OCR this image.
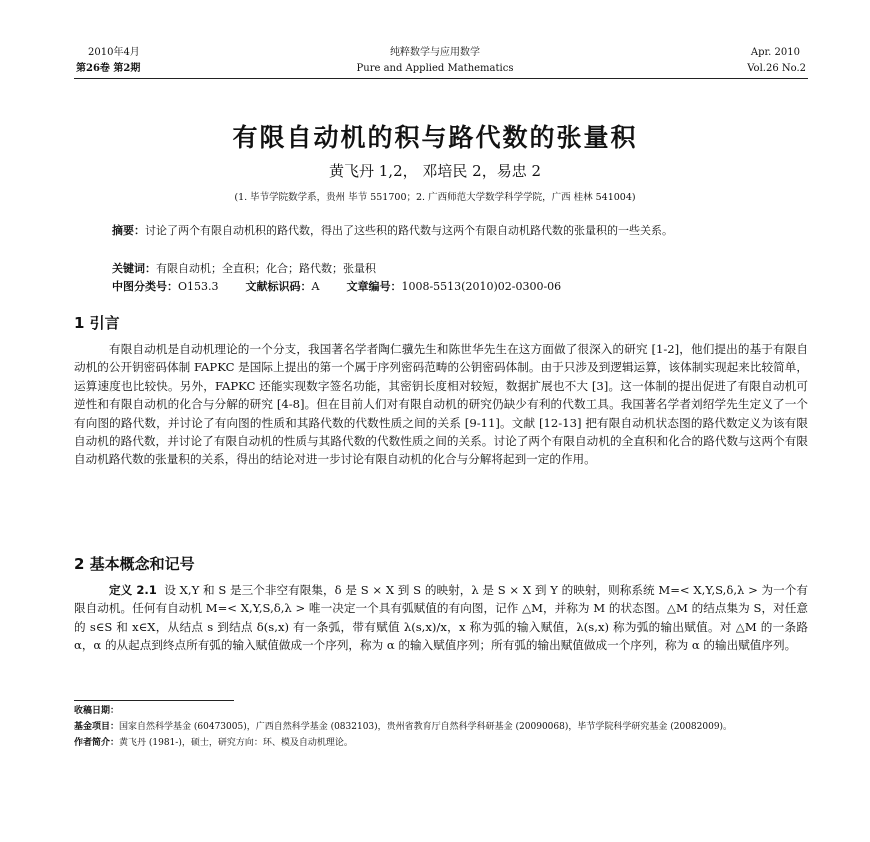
2010年4月
第26卷 第2期
纯粹数学与应用数学
Pure and Applied Mathematics
Apr. 2010
Vol.26 No.2
有限自动机的积与路代数的张量积
黄飞丹 1,2， 邓培民 2，易忠 2
(1. 毕节学院数学系，贵州 毕节 551700；2. 广西师范大学数学科学学院，广西 桂林 541004)
摘要：讨论了两个有限自动机积的路代数，得出了这些积的路代数与这两个有限自动机路代数的张量积的一些关系。
关键词：有限自动机；全直积；化合；路代数；张量积
中图分类号：O153.3 文献标识码：A 文章编号：1008-5513(2010)02-0300-06
1 引言

有限自动机是自动机理论的一个分支，我国著名学者陶仁骥先生和陈世华先生在这方面做了很深入的研究 [1-2]，他们提出的基于有限自动机的公开钥密码体制 FAPKC 是国际上提出的第一个属于序列密码范畴的公钥密码体制。由于只涉及到逻辑运算，该体制实现起来比较简单，运算速度也比较快。另外，FAPKC 还能实现数字签名功能，其密钥长度相对较短，数据扩展也不大 [3]。这一体制的提出促进了有限自动机可逆性和有限自动机的化合与分解的研究 [4-8]。但在目前人们对有限自动机的研究仍缺少有利的代数工具。我国著名学者刘绍学先生定义了一个有向图的路代数，并讨论了有向图的性质和其路代数的代数性质之间的关系 [9-11]。文献 [12-13] 把有限自动机状态图的路代数定义为该有限自动机的路代数，并讨论了有限自动机的性质与其路代数的代数性质之间的关系。讨论了两个有限自动机的全直积和化合的路代数与这两个有限自动机路代数的张量积的关系，得出的结论对进一步讨论有限自动机的化合与分解将起到一定的作用。

2 基本概念和记号

定义 2.1 设 X,Y 和 S 是三个非空有限集，δ 是 S × X 到 S 的映射，λ 是 S × X 到 Y 的映射，则称系统 M=< X,Y,S,δ,λ > 为一个有限自动机。任何有自动机 M=< X,Y,S,δ,λ > 唯一决定一个具有弧赋值的有向图，记作 △M，并称为 M 的状态图。△M 的结点集为 S，对任意的 s∈S 和 x∈X，从结点 s 到结点 δ(s,x) 有一条弧，带有赋值 λ(s,x)/x，x 称为弧的输入赋值，λ(s,x) 称为弧的输出赋值。对 △M 的一条路 α，α 的从起点到终点所有弧的输入赋值做成一个序列，称为 α 的输入赋值序列；所有弧的输出赋值做成一个序列，称为 α 的输出赋值序列。

收稿日期：
基金项目：国家自然科学基金 (60473005)，广西自然科学基金 (0832103)，贵州省教育厅自然科学科研基金 (20090068)，毕节学院科学研究基金 (20082009)。
作者简介：黄飞丹 (1981-)，硕士，研究方向：环、模及自动机理论。
